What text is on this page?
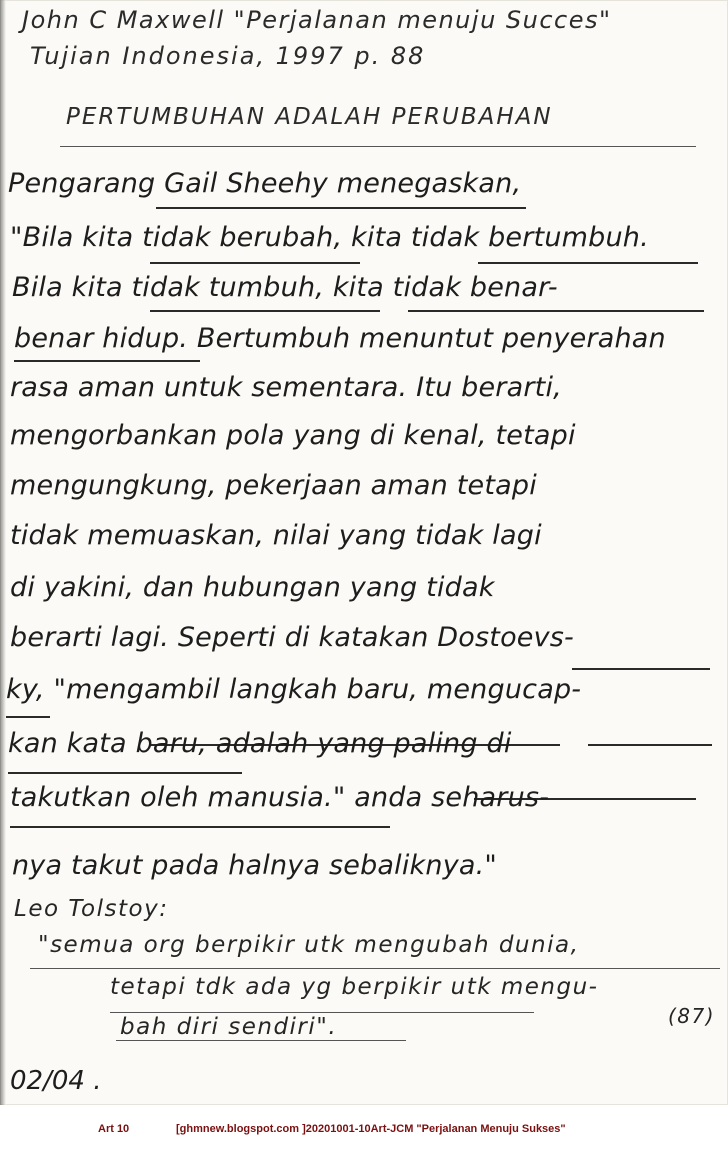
John C Maxwell "Perjalanan menuju Succes"
Tujian Indonesia, 1997 p. 88
PERTUMBUHAN ADALAH PERUBAHAN
Pengarang Gail Sheehy menegaskan,
"Bila kita tidak berubah, kita tidak bertumbuh.
Bila kita tidak tumbuh, kita tidak benar-
benar hidup. Bertumbuh menuntut penyerahan
rasa aman untuk sementara. Itu berarti,
mengorbankan pola yang di kenal, tetapi
mengungkung, pekerjaan aman tetapi
tidak memuaskan, nilai yang tidak lagi
di yakini, dan hubungan yang tidak
berarti lagi. Seperti di katakan Dostoevs-
ky, "mengambil langkah baru, mengucap-
kan kata baru, adalah yang paling di
takutkan oleh manusia." anda seharus-
nya takut pada halnya sebaliknya."
Leo Tolstoy:
"semua org berpikir utk mengubah dunia,
tetapi tdk ada yg berpikir utk mengu-
bah diri sendiri".	(87)
02/04 .
Art 10	[ghmnew.blogspot.com ]20201001-10Art-JCM "Perjalanan Menuju Sukses"
